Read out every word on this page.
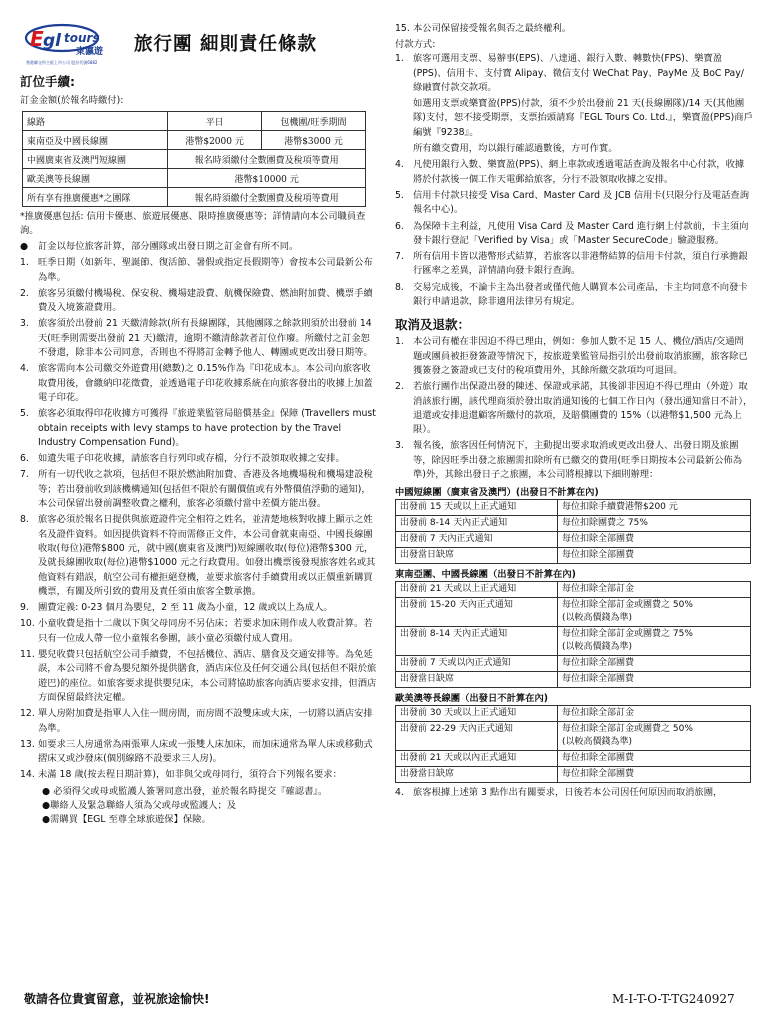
E gl tours
東瀛遊
香港聯交所主板上市公司 股份代號6882
旅行團 細則責任條款
訂位手續:
訂金金額(於報名時繳付):
線路	平日	包機團/旺季期間
東南亞及中國長線團	港幣$2000 元	港幣$3000 元
中國廣東省及澳門短線團	報名時須繳付全數團費及稅項等費用	
歐美澳等長線團	港幣$10000 元	
所有享有推廣優惠*之團隊	報名時須繳付全數團費及稅項等費用	
*推廣優惠包括: 信用卡優惠、旅遊展優惠、限時推廣優惠等；詳情請向本公司職員查詢。
● 訂金以每位旅客計算，部分團隊或出發日期之訂金會有所不同。
1. 旺季日期（如新年、聖誕節、復活節、暑假或指定長假期等）會按本公司最新公布為準。
2. 旅客另須繳付機場稅、保安稅、機場建設費、航機保險費、燃油附加費、機票手續費及入境簽證費用。
3. 旅客須於出發前 21 天繳清餘款(所有長線團隊，其他團隊之餘款則須於出發前 14 天(旺季則需要出發前 21 天)繳清，逾期不繳清餘款者訂位作廢。所繳付之訂金恕不發還，除非本公司同意，否則也不得將訂金轉予他人、轉團或更改出發日期等。
4. 旅客需向本公司繳交外遊費用(總數)之 0.15%作為『印花成本』。本公司向旅客收取費用後，會繳納印花徵費，並透過電子印花收據系統在向旅客發出的收據上加蓋電子印花。
5. 旅客必須取得印花收據方可獲得『旅遊業監管局賠償基金』保障 (Travellers must obtain receipts with levy stamps to have protection by the Travel Industry Compensation Fund)。
6. 如遺失電子印花收據，請旅客自行列印或存檔，分行不設領取收據之安排。
7. 所有一切代收之款項，包括但不限於燃油附加費、香港及各地機場稅和機場建設稅等；若出發前收到該機構通知(包括但不限於有關價值或有外幣價值浮動的通知)，本公司保留出發前調整收費之權利，旅客必須繳付當中差價方能出發。
8. 旅客必須於報名日提供與旅遊證件完全相符之姓名，並清楚地核對收據上顯示之姓名及證件資料。如因提供資料不符而需修正文件，本公司會就東南亞、中國長線團收取(每位)港幣$800 元，就中國(廣東省及澳門)短線團收取(每位)港幣$300 元，及就長線團收取(每位)港幣$1000 元之行政費用。如發出機票後發現旅客姓名或其他資料有錯誤，航空公司有權拒絕登機，並要求旅客付手續費用或以正價重新購買機票，有關及所引致的費用及責任須由旅客全數承擔。
9. 團費定義: 0-23 個月為嬰兒，2 至 11 歲為小童，12 歲或以上為成人。
10. 小童收費是指十二歲以下與父母同房不另佔床；若要求加床則作成人收費計算。若只有一位成人帶一位小童報名參團，該小童必須繳付成人費用。
11. 嬰兒收費只包括航空公司手續費，不包括機位、酒店、膳食及交通安排等。為免延誤，本公司將不會為嬰兒額外提供膳食，酒店床位及任何交通公具(包括但不限於旅遊巴)的座位。如旅客要求提供嬰兒床，本公司將協助旅客向酒店要求安排，但酒店方面保留最終決定權。
12. 單人房附加費是指單人入住一間房間，而房間不設雙床或大床，一切將以酒店安排為準。
13. 如要求三人房通常為兩張單人床或一張雙人床加床，而加床通常為單人床或移動式摺床又或沙發床(個別線路不設要求三人房)。
14. 未滿 18 歲(按去程日期計算)，如非與父或母同行，須符合下列報名要求：
● 必須得父或母或監護人簽署同意出發，並於報名時提交『確認書』。
●聯絡人及緊急聯絡人須為父或母或監護人；及
●需購買【EGL 至尊全球旅遊保】保險。
15. 本公司保留接受報名與否之最終權利。
付款方式:
1. 旅客可選用支票、易辦事(EPS)、八達通、銀行入數、轉數快(FPS)、樂寶盈(PPS)、信用卡、支付寶 Alipay、微信支付 WeChat Pay、PayMe 及 BoC Pay/綠融寶付款交款項。
如選用支票或樂寶盈(PPS)付款，須不少於出發前 21 天(長線團隊)/14 天(其他團隊)支付，恕不接受期票，支票抬頭請寫『EGL Tours Co. Ltd.』，樂寶盈(PPS)商戶編號『9238』。
所有繳交費用，均以銀行確認過數後，方可作實。
4. 凡使用銀行入數、樂寶盈(PPS)、網上車款或透過電話查詢及報名中心付款，收據將於付款後一個工作天電郵給旅客，分行不設領取收據之安排。
5. 信用卡付款只接受 Visa Card、Master Card 及 JCB 信用卡(只限分行及電話查詢報名中心)。
6. 為保障卡主利益，凡使用 Visa Card 及 Master Card 進行網上付款前，卡主須向發卡銀行登記「Verified by Visa」或「Master SecureCode」驗證服務。
7. 所有信用卡皆以港幣形式結算，若旅客以非港幣結算的信用卡付款，須自行承擔銀行匯率之差異，詳情請向發卡銀行查詢。
8. 交易完成後，不論卡主為出發者或僅代他人購買本公司產品，卡主均同意不向發卡銀行申請退款，除非適用法律另有規定。
取消及退款：
1. 本公司有權在非因迫不得已理由，例如：參加人數不足 15 人、機位/酒店/交通問題或團員被拒發簽證等情況下，按旅遊業監管局指引於出發前取消旅團，旅客除已獲簽發之簽證或已支付的稅項費用外，其餘所繳交款項均可退回。
2. 若旅行團作出保證出發的陳述、保證或承諾，其後卻非因迫不得已理由（外遊）取消該旅行團，該代理商須於發出取消通知後的七個工作日內（發出通知當日不計），退還或安排退還顧客所繳付的款項，及賠償團費的 15%（以港幣$1,500 元為上限）。
3. 報名後，旅客因任何情況下，主動提出要求取消或更改出發人、出發日期及旅團等，除因旺季出發之旅團需扣除所有已繳交的費用(旺季日期按本公司最新公佈為準)外，其餘出發日子之旅團，本公司將根據以下細則辦理：
中國短線團（廣東省及澳門）(出發日不計算在內)
出發前 15 天或以上正式通知	每位扣除手續費港幣$200 元
出發前 8-14 天內正式通知	每位扣除團費之 75%
出發前 7 天內正式通知	每位扣除全部團費
出發當日缺席	每位扣除全部團費
東南亞團、中國長線團（出發日不計算在內)
出發前 21 天或以上正式通知	每位扣除全部訂金
出發前 15-20 天內正式通知	每位扣除全部訂金或團費之 50%
(以較高價錢為準)
出發前 8-14 天內正式通知	每位扣除全部訂金或團費之 75%
(以較高價錢為準)
出發前 7 天或以內正式通知	每位扣除全部團費
出發當日缺席	每位扣除全部團費
歐美澳等長線團（出發日不計算在內)
出發前 30 天或以上正式通知	每位扣除全部訂金
出發前 22-29 天內正式通知	每位扣除全部訂金或團費之 50%
(以較高價錢為準)
出發前 21 天或以內正式通知	每位扣除全部團費
出發當日缺席	每位扣除全部團費
4. 旅客根據上述第 3 點作出有關要求，日後若本公司因任何原因而取消旅團，
敬請各位貴賓留意，並祝旅途愉快!	M-I-T-O-T-TG240927
